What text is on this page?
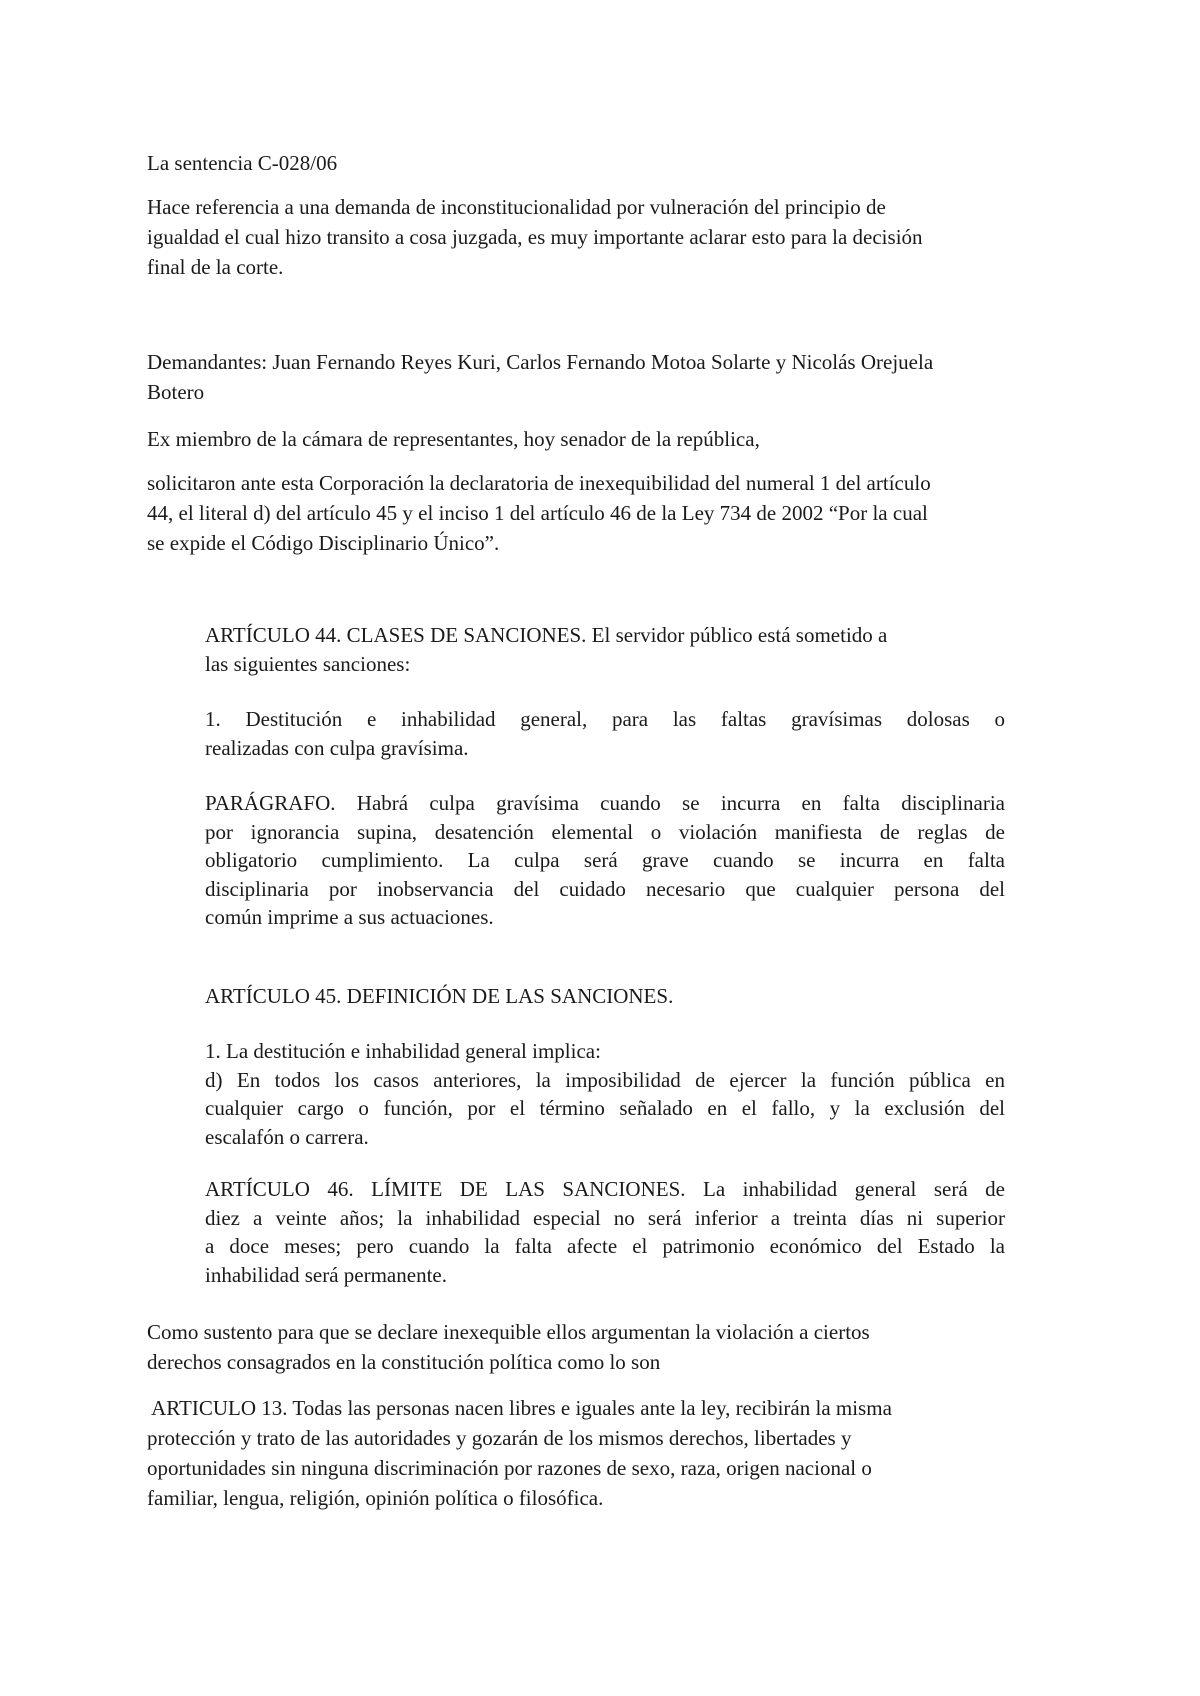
La sentencia C-028/06

Hace referencia a una demanda de inconstitucionalidad por vulneración del principio de
igualdad el cual hizo transito a cosa juzgada, es muy importante aclarar esto para la decisión
final de la corte.

Demandantes: Juan Fernando Reyes Kuri, Carlos Fernando Motoa Solarte y Nicolás Orejuela
Botero

Ex miembro de la cámara de representantes, hoy senador de la república,

solicitaron ante esta Corporación la declaratoria de inexequibilidad del numeral 1 del artículo
44, el literal d) del artículo 45 y el inciso 1 del artículo 46 de la Ley 734 de 2002 “Por la cual
se expide el Código Disciplinario Único”.

ARTÍCULO 44. CLASES DE SANCIONES. El servidor público está sometido a
las siguientes sanciones:

1. Destitución e inhabilidad general, para las faltas gravísimas dolosas o
realizadas con culpa gravísima.

PARÁGRAFO. Habrá culpa gravísima cuando se incurra en falta disciplinaria
por ignorancia supina, desatención elemental o violación manifiesta de reglas de
obligatorio cumplimiento. La culpa será grave cuando se incurra en falta
disciplinaria por inobservancia del cuidado necesario que cualquier persona del
común imprime a sus actuaciones.

ARTÍCULO 45. DEFINICIÓN DE LAS SANCIONES.

1. La destitución e inhabilidad general implica:
d) En todos los casos anteriores, la imposibilidad de ejercer la función pública en
cualquier cargo o función, por el término señalado en el fallo, y la exclusión del
escalafón o carrera.

ARTÍCULO 46. LÍMITE DE LAS SANCIONES. La inhabilidad general será de
diez a veinte años; la inhabilidad especial no será inferior a treinta días ni superior
a doce meses; pero cuando la falta afecte el patrimonio económico del Estado la
inhabilidad será permanente.

Como sustento para que se declare inexequible ellos argumentan la violación a ciertos
derechos consagrados en la constitución política como lo son

ARTICULO 13. Todas las personas nacen libres e iguales ante la ley, recibirán la misma
protección y trato de las autoridades y gozarán de los mismos derechos, libertades y
oportunidades sin ninguna discriminación por razones de sexo, raza, origen nacional o
familiar, lengua, religión, opinión política o filosófica.
